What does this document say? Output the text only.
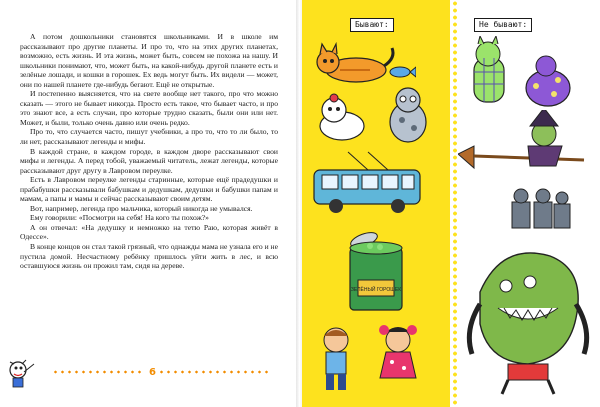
А потом дошкольники становятся школьниками. И в школе им рассказывают про другие планеты. И про то, что на этих других планетах, возможно, есть жизнь. И эта жизнь, может быть, совсем не похожа на нашу. И школьники понимают, что, может быть, на какой-нибудь другой планете есть и зелёные лошади, и кошки в горошек. Ех ведь могут быть. Их видели — может, они по нашей планете где-нибудь бегают. Ещё не открытые.

И постепенно выясняется, что на свете вообще нет такого, про что можно сказать — этого не бывает никогда. Просто есть такое, что бывает часто, и про это знают все, а есть случаи, про которые трудно сказать, были они или нет. Может, и были, только очень давно или очень редко.

Про то, что случается часто, пишут учебники, а про то, что то ли было, то ли нет, рассказывают легенды и мифы.

В каждой стране, в каждом городе, в каждом дворе рассказывают свои мифы и легенды. А перед тобой, уважаемый читатель, лежат легенды, которые рассказывают друг другу в Лавровом переулке.

Есть в Лавровом переулке легенды старинные, которые ещё прадедушки и прабабушки рассказывали бабушкам и дедушкам, дедушки и бабушки папам и мамам, а папы и мамы и сейчас рассказывают своим детям.

Вот, например, легенда про мальчика, который никогда не умывался.

Ему говорили: «Посмотри на себя! На кого ты похож?»

А он отвечал: «На дедушку и немножко на тетю Раю, которая живёт в Одессе».

В конце концов он стал такой грязный, что однажды мама не узнала его и не пустила домой. Несчастному ребёнку пришлось уйти жить в лес, и всю оставшуюся жизнь он прожил там, сидя на дереве.

6
Бывают:	Не бывают:
ЗЕЛЁНЫЙ ГОРОШЕК
